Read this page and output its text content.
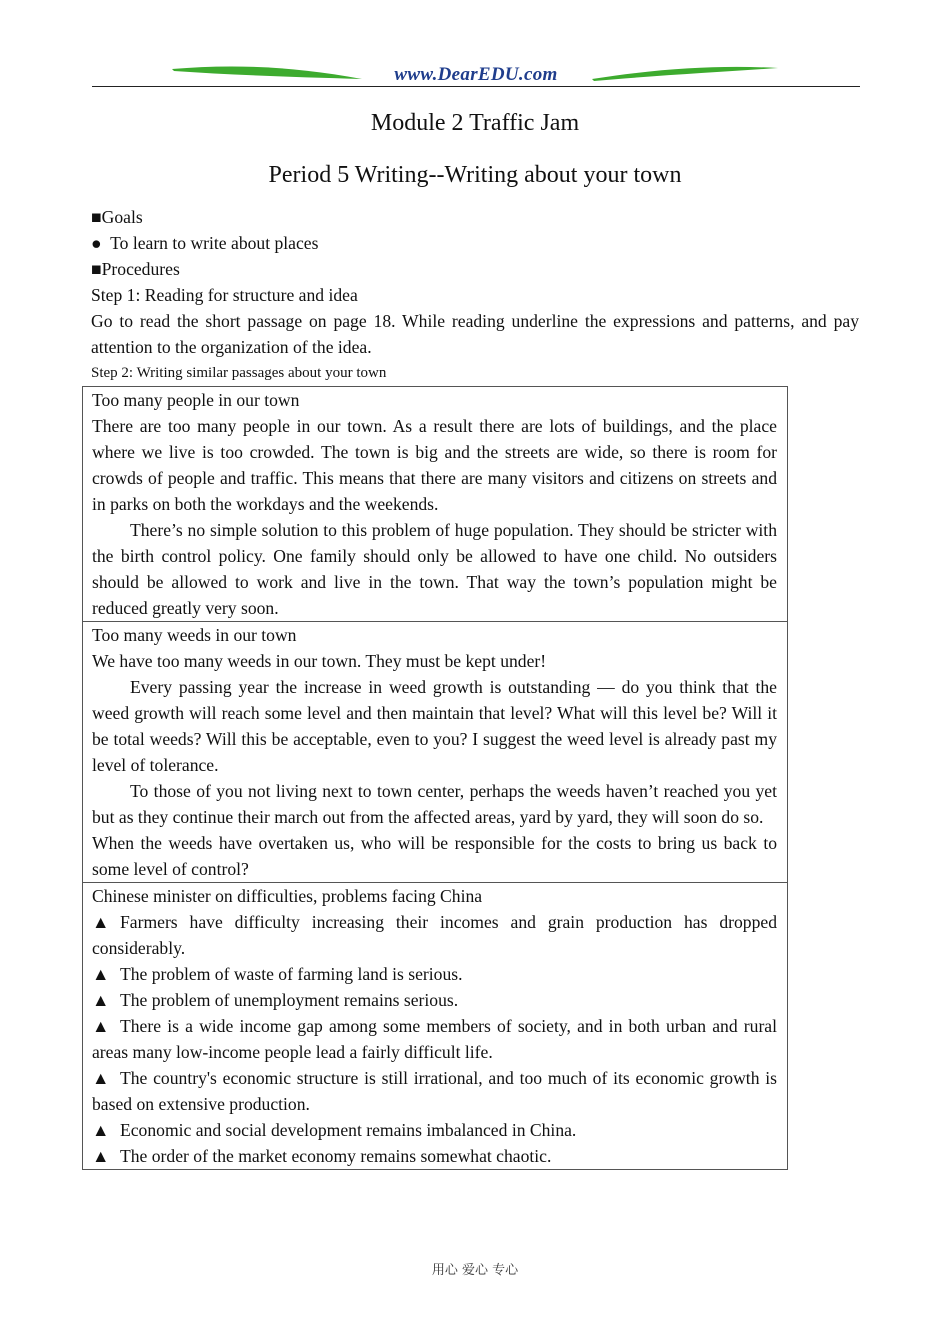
www.DearEDU.com
Module 2 Traffic Jam
Period 5 Writing--Writing about your town

■Goals

●  To learn to write about places

■Procedures

Step 1: Reading for structure and idea

Go to read the short passage on page 18. While reading underline the expressions and patterns, and pay attention to the organization of the idea.

Step 2: Writing similar passages about your town

Too many people in our town

There are too many people in our town. As a result there are lots of buildings, and the place where we live is too crowded. The town is big and the streets are wide, so there is room for crowds of people and traffic. This means that there are many visitors and citizens on streets and in parks on both the workdays and the weekends.

There’s no simple solution to this problem of huge population. They should be stricter with the birth control policy. One family should only be allowed to have one child. No outsiders should be allowed to work and live in the town. That way the town’s population might be reduced greatly very soon.

Too many weeds in our town

We have too many weeds in our town. They must be kept under!

Every passing year the increase in weed growth is outstanding — do you think that the weed growth will reach some level and then maintain that level? What will this level be? Will it be total weeds? Will this be acceptable, even to you? I suggest the weed level is already past my level of tolerance.

To those of you not living next to town center, perhaps the weeds haven’t reached you yet but as they continue their march out from the affected areas, yard by yard, they will soon do so.

When the weeds have overtaken us, who will be responsible for the costs to bring us back to some level of control?

Chinese minister on difficulties, problems facing China

▲ Farmers have difficulty increasing their incomes and grain production has dropped considerably.

▲ The problem of waste of farming land is serious.

▲ The problem of unemployment remains serious.

▲ There is a wide income gap among some members of society, and in both urban and rural areas many low-income people lead a fairly difficult life.

▲ The country's economic structure is still irrational, and too much of its economic growth is based on extensive production.

▲ Economic and social development remains imbalanced in China.

▲ The order of the market economy remains somewhat chaotic.

用心 爱心 专心
